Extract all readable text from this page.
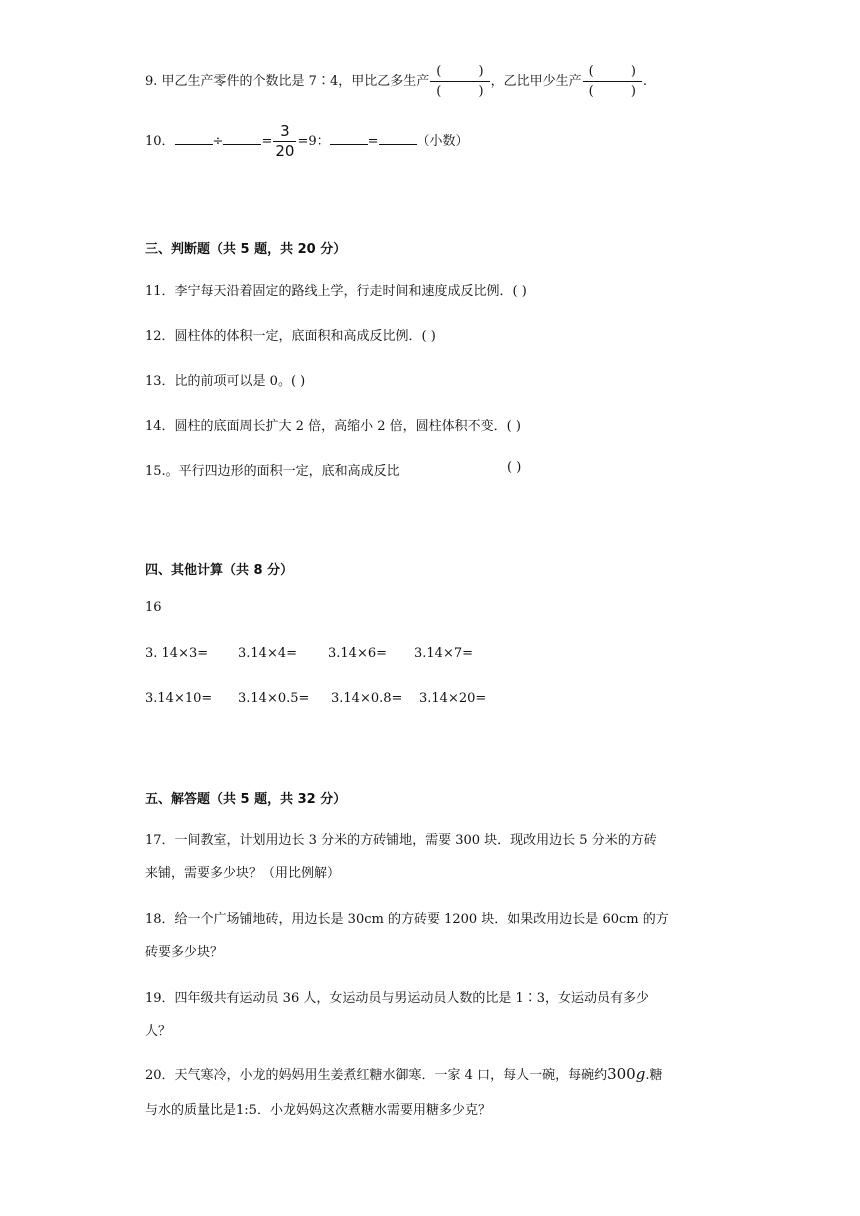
9. 甲乙生产零件的个数比是 7∶4，甲比乙多生产 $\frac{( )}{( )}$ ，乙比甲少生产 $\frac{( )}{( )}$ .
10．	÷	= $\frac{3}{20} =9$：	=	（小数）
三、判断题（共 5 题，共 20 分）
11．李宁每天沿着固定的路线上学，行走时间和速度成反比例．( )
12．圆柱体的体积一定，底面积和高成反比例．( )
13．比的前项可以是 0。( )
14．圆柱的底面周长扩大 2 倍，高缩小 2 倍，圆柱体积不变．( )
15.。平行四边形的面积一定，底和高成反比	( )
四、其他计算（共 8 分）
16
3. 14×3= 3.14×4= 3.14×6= 3.14×7=
3.14×10= 3.14×0.5= 3.14×0.8= 3.14×20=
五、解答题（共 5 题，共 32 分）
17．一间教室，计划用边长 3 分米的方砖铺地，需要 300 块．现改用边长 5 分米的方砖
来铺，需要多少块？（用比例解）
18．给一个广场铺地砖，用边长是 30cm 的方砖要 1200 块．如果改用边长是 60cm 的方
砖要多少块？
19．四年级共有运动员 36 人，女运动员与男运动员人数的比是 1∶3，女运动员有多少
人？
20．天气寒冷，小龙的妈妈用生姜煮红糖水御寒．一家 4 口，每人一碗，每碗约300g.糖
与水的质量比是1:5．小龙妈妈这次煮糖水需要用糖多少克？
